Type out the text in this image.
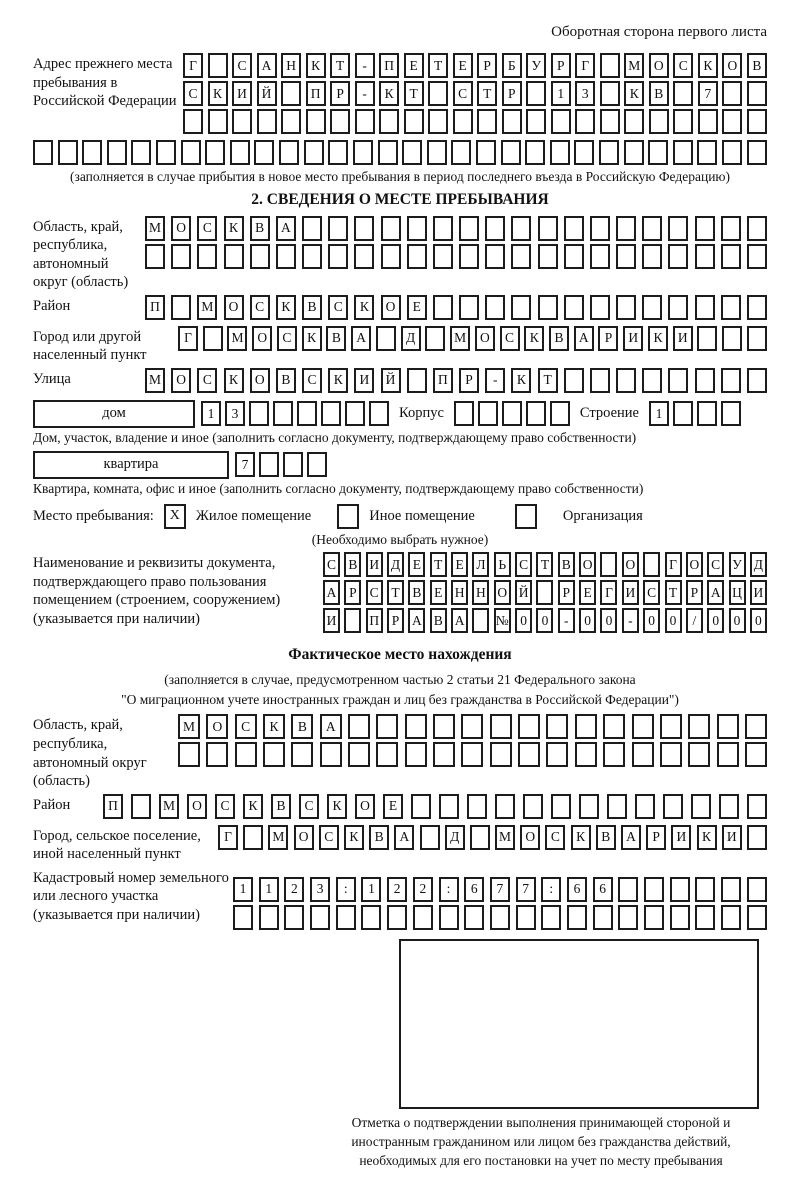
Оборотная сторона первого листа
Адрес прежнего места пребывания в Российской Федерации
Г	С	А	Н	К	Т	-	П	Е	Т	Е	Р	Б	У	Р	Г	М	О	С	К	О	В
С	К	И	Й	П	Р	-	К	Т	С	Т	Р	1	3	К	В	7
(заполняется в случае прибытия в новое место пребывания в период последнего въезда в Российскую Федерацию)
2. СВЕДЕНИЯ О МЕСТЕ ПРЕБЫВАНИЯ
Область, край, республика, автономный округ (область)
М	О	С	К	В	А
Район	П	М	О	С	К	В	С	К	О	Е
Город или другой населенный пункт
Г	М	О	С	К	В	А	Д	М	О	С	К	В	А	Р	И	К	И
Улица	М	О	С	К	О	В	С	К	И	Й	П	Р	-	К	Т
дом	1	3	Корпус	Строение	1
Дом, участок, владение и иное (заполнить согласно документу, подтверждающему право собственности)
квартира	7
Квартира, комната, офис и иное (заполнить согласно документу, подтверждающему право собственности)
Место пребывания:	X	Жилое помещение	Иное помещение	Организация
(Необходимо выбрать нужное)
Наименование и реквизиты документа, подтверждающего право пользования помещением (строением, сооружением) (указывается при наличии)
С В И Д Е Т Е Л Ь С Т В О О	Г О С У Д
А Р С Т В Е Н Н О Й	Р Е Г И С Т Р А Ц И
И П Р А В А № 0	0	-	0	0	-	0	0	/	0	0	0
Фактическое место нахождения
(заполняется в случае, предусмотренном частью 2 статьи 21 Федерального закона
"О миграционном учете иностранных граждан и лиц без гражданства в Российской Федерации")
Область, край, республика, автономный округ (область)
М	О	С	К	В	А
Район	П	М	О	С	К	В	С	К	О	Е
Город, сельское поселение, иной населенный пункт
Г	М	О	С	К	В	А	Д	М	О	С	К	В	А	Р	И	К	И
Кадастровый номер земельного или лесного участка (указывается при наличии)
1	1	2	3	:	1	2	2	:	6	7	7	:	6	6
Отметка о подтверждении выполнения принимающей стороной и иностранным гражданином или лицом без гражданства действий, необходимых для его постановки на учет по месту пребывания
